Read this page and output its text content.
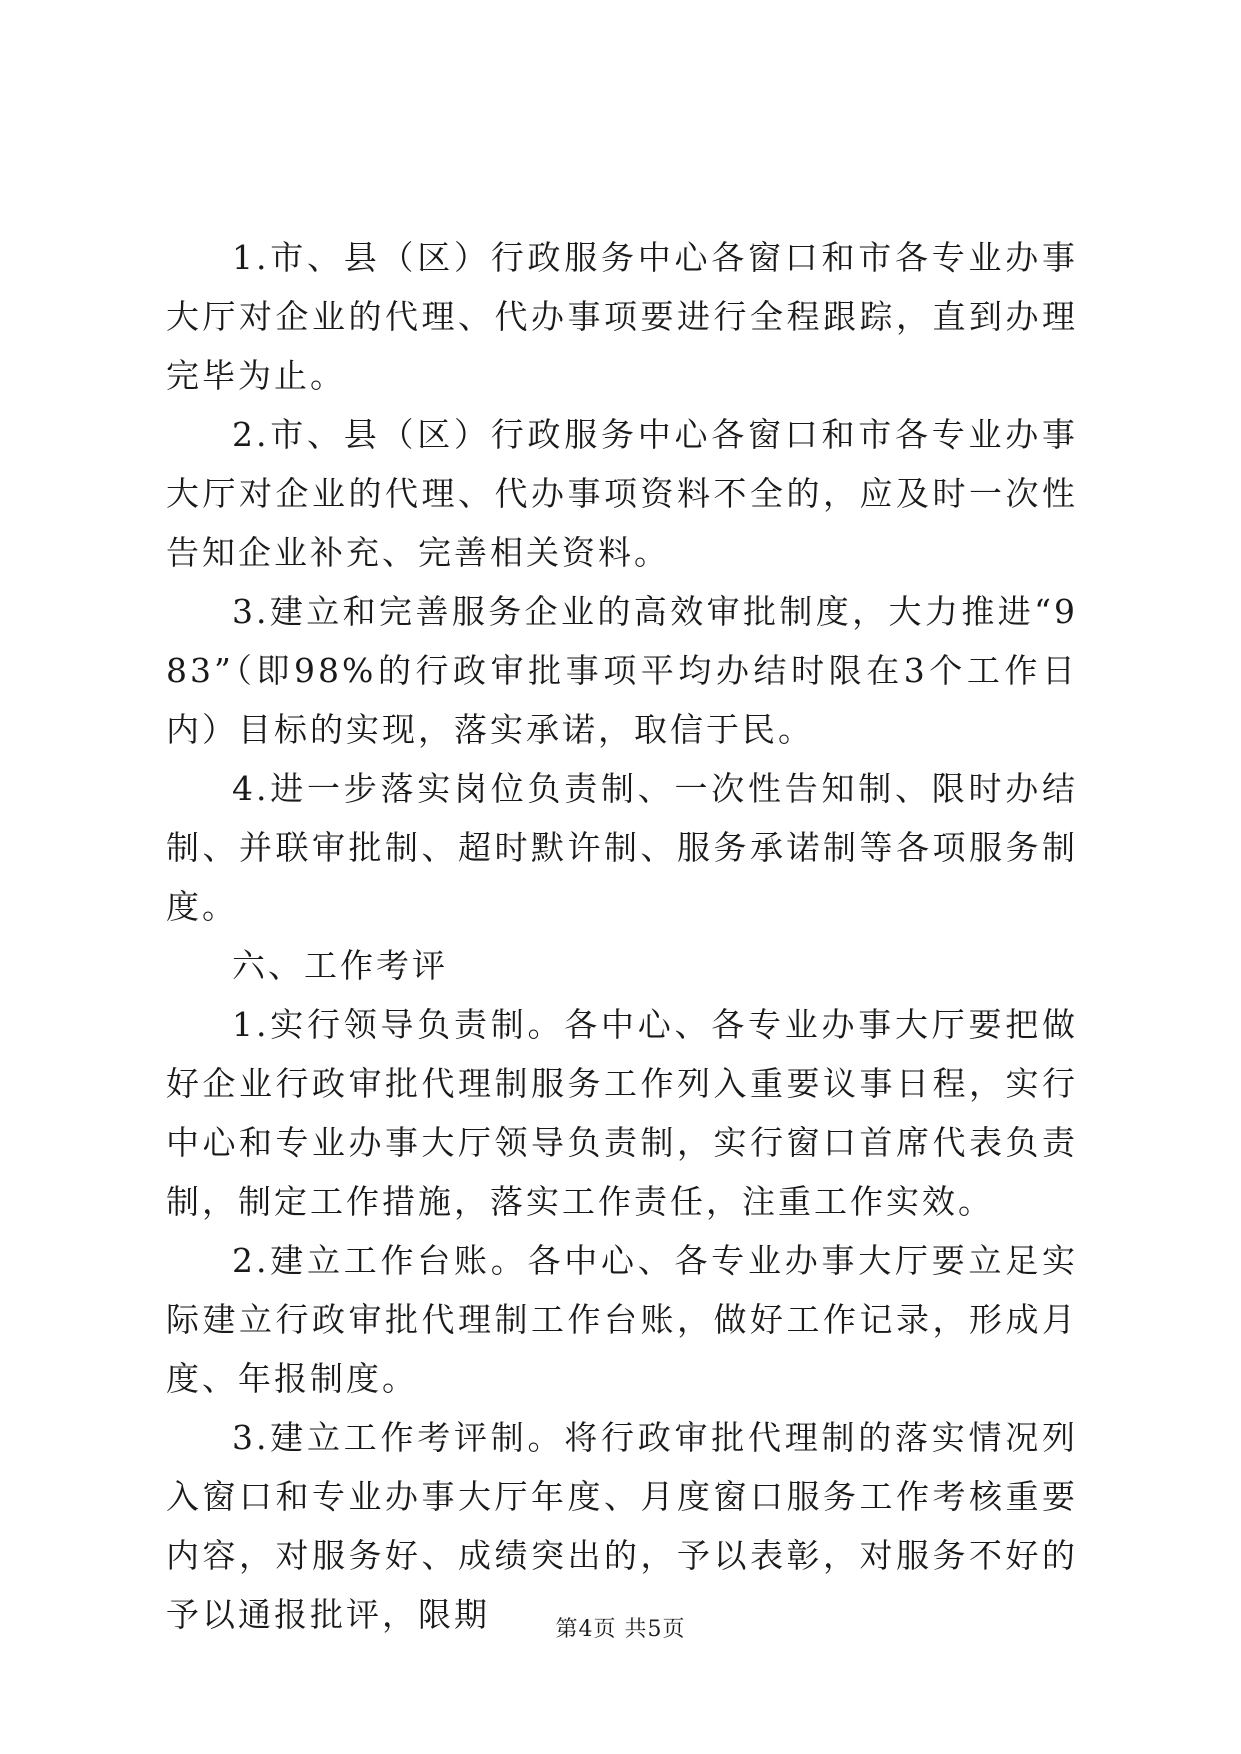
1.市、县（区）行政服务中心各窗口和市各专业办事大厅对企业的代理、代办事项要进行全程跟踪，直到办理完毕为止。

2.市、县（区）行政服务中心各窗口和市各专业办事大厅对企业的代理、代办事项资料不全的，应及时一次性告知企业补充、完善相关资料。

3.建立和完善服务企业的高效审批制度，大力推进“983”（即98%的行政审批事项平均办结时限在3个工作日内）目标的实现，落实承诺，取信于民。

4.进一步落实岗位负责制、一次性告知制、限时办结制、并联审批制、超时默许制、服务承诺制等各项服务制度。

六、工作考评

1.实行领导负责制。各中心、各专业办事大厅要把做好企业行政审批代理制服务工作列入重要议事日程，实行中心和专业办事大厅领导负责制，实行窗口首席代表负责制，制定工作措施，落实工作责任，注重工作实效。

2.建立工作台账。各中心、各专业办事大厅要立足实际建立行政审批代理制工作台账，做好工作记录，形成月度、年报制度。

3.建立工作考评制。将行政审批代理制的落实情况列入窗口和专业办事大厅年度、月度窗口服务工作考核重要内容，对服务好、成绩突出的，予以表彰，对服务不好的予以通报批评，限期	第4页 共5页
